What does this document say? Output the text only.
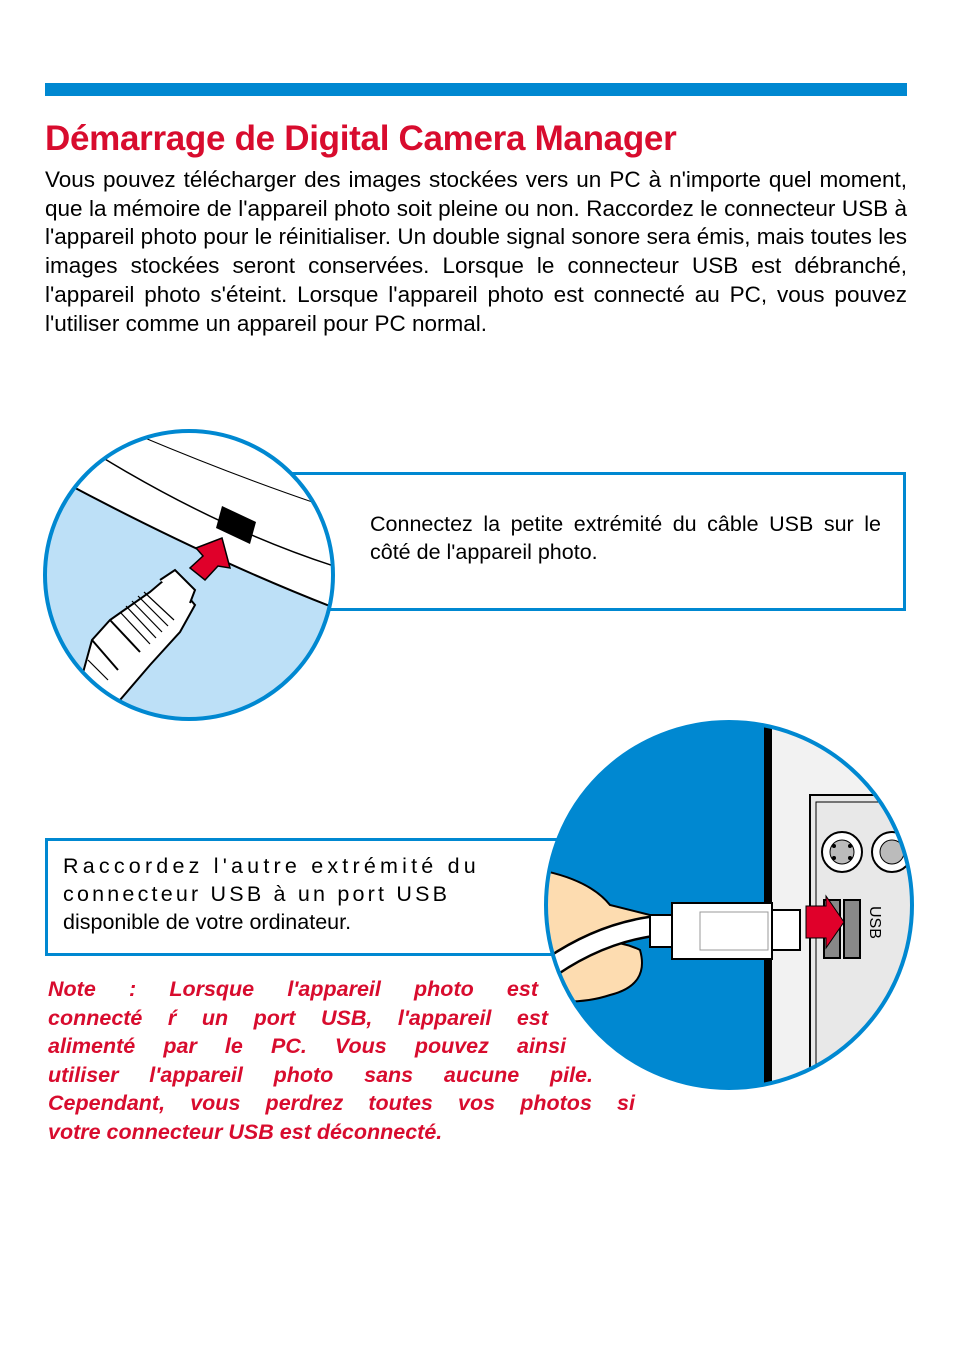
Démarrage de Digital Camera Manager

Vous pouvez télécharger des images stockées vers un PC à n'importe quel moment, que la mémoire de l'appareil photo soit pleine ou non. Raccordez le connecteur USB à l'appareil photo pour le réinitialiser. Un double signal sonore sera émis, mais toutes les images stockées seront conservées. Lorsque le connecteur USB est débranché, l'appareil photo s'éteint. Lorsque l'appareil photo est connecté au PC, vous pouvez l'utiliser comme un appareil pour PC normal.

Connectez la petite extrémité du câble USB sur le côté de l'appareil photo.

Raccordez l'autre extrémité du
connecteur USB à un port USB
disponible de votre ordinateur.	USB

Note : Lorsque l'appareil photo est
connecté ŕ un port USB, l'appareil est
alimenté par le PC. Vous pouvez ainsi
utiliser l'appareil photo sans aucune pile.
Cependant, vous perdrez toutes vos photos si
votre connecteur USB est déconnecté.
